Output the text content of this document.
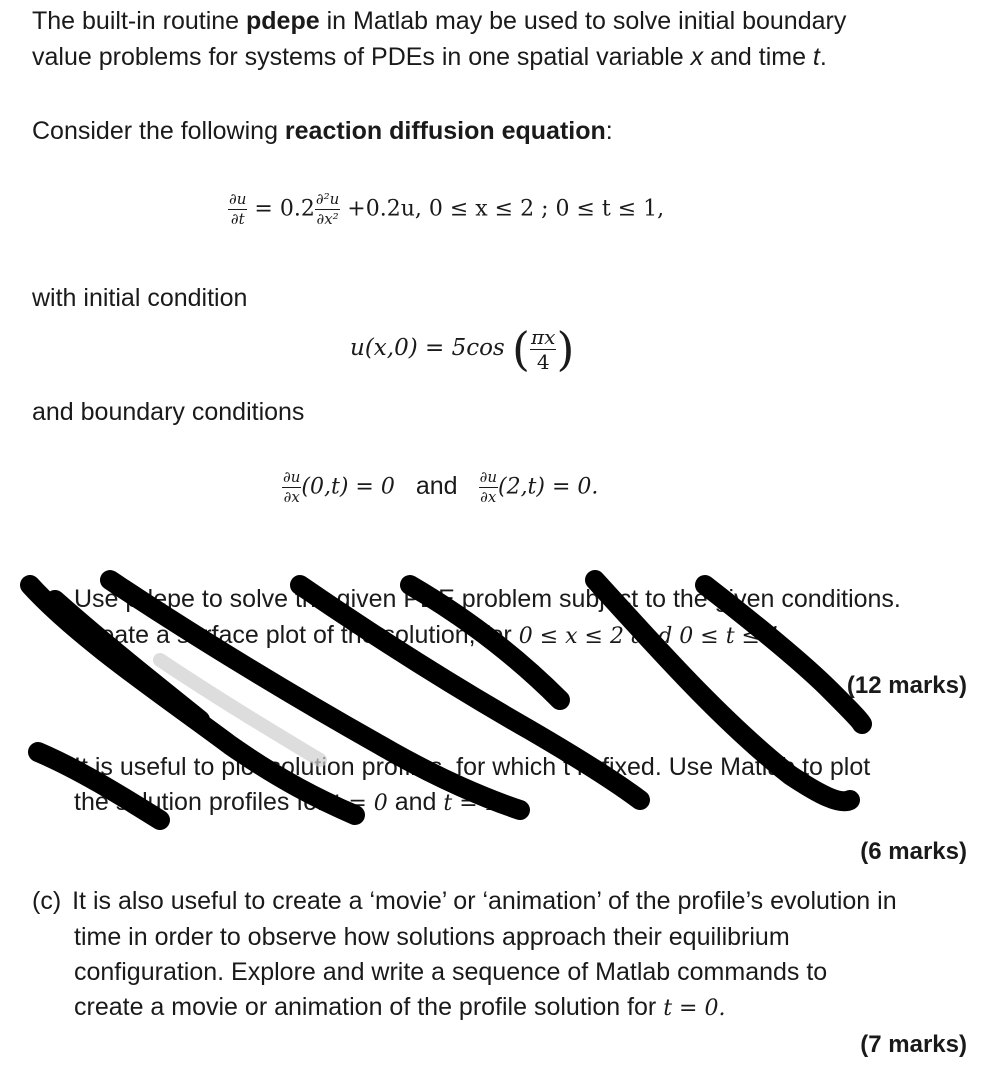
The built-in routine pdepe in Matlab may be used to solve initial boundary
value problems for systems of PDEs in one spatial variable x and time t.
Consider the following reaction diffusion equation:
$\frac{\partial u}{\partial t} = 0.2 \frac{\text{∂²u}}{\text{∂x²}} +0.2u$, 0 ≤ x ≤ 2 ; 0 ≤ t ≤ 1,
with initial condition
u(x,0) = 5cos ( $\frac{\pi x}{4}$ )
and boundary conditions
$\frac{\partial u}{\partial x} (0,t) = 0$ and $\frac{\partial u}{\partial x} (2,t) = 0$.
Use pdepe to solve the given PDE problem subject to the given conditions.
Create a surface plot of the solution, for 0 ≤ x ≤ 2 and 0 ≤ t ≤ 1.
(12 marks)
It is useful to plot solution profiles, for which t is fixed. Use Matlab to plot
the solution profiles for t = 0 and t = 1.
(6 marks)
(c) It is also useful to create a ‘movie’ or ‘animation’ of the profile’s evolution in
time in order to observe how solutions approach their equilibrium
configuration. Explore and write a sequence of Matlab commands to
create a movie or animation of the profile solution for t = 0.
(7 marks)
